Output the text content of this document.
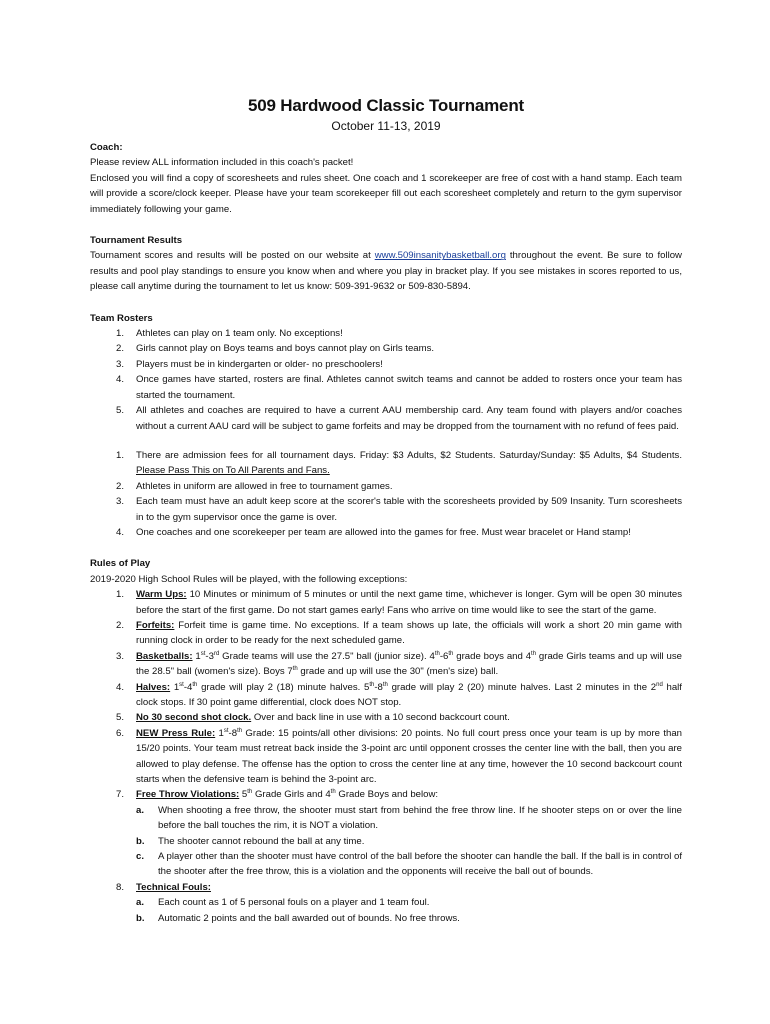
509 Hardwood Classic Tournament
October 11-13, 2019

Coach:

Please review ALL information included in this coach's packet!

Enclosed you will find a copy of scoresheets and rules sheet. One coach and 1 scorekeeper are free of cost with a hand stamp. Each team will provide a score/clock keeper. Please have your team scorekeeper fill out each scoresheet completely and return to the gym supervisor immediately following your game.

Tournament Results

Tournament scores and results will be posted on our website at www.509insanitybasketball.org throughout the event. Be sure to follow results and pool play standings to ensure you know when and where you play in bracket play. If you see mistakes in scores reported to us, please call anytime during the tournament to let us know: 509-391-9632 or 509-830-5894.

Team Rosters

1.	Athletes can play on 1 team only. No exceptions!
2.	Girls cannot play on Boys teams and boys cannot play on Girls teams.
3.	Players must be in kindergarten or older- no preschoolers!
4.	Once games have started, rosters are final. Athletes cannot switch teams and cannot be added to rosters once your team has started the tournament.
5.	All athletes and coaches are required to have a current AAU membership card. Any team found with players and/or coaches without a current AAU card will be subject to game forfeits and may be dropped from the tournament with no refund of fees paid.
1.	There are admission fees for all tournament days. Friday: $3 Adults, $2 Students. Saturday/Sunday: $5 Adults, $4 Students. Please Pass This on To All Parents and Fans.
2.	Athletes in uniform are allowed in free to tournament games.
3.	Each team must have an adult keep score at the scorer's table with the scoresheets provided by 509 Insanity. Turn scoresheets in to the gym supervisor once the game is over.
4.	One coaches and one scorekeeper per team are allowed into the games for free. Must wear bracelet or Hand stamp!

Rules of Play

2019-2020 High School Rules will be played, with the following exceptions:

1.	Warm Ups: 10 Minutes or minimum of 5 minutes or until the next game time, whichever is longer. Gym will be open 30 minutes before the start of the first game. Do not start games early! Fans who arrive on time would like to see the start of the game.
2.	Forfeits: Forfeit time is game time. No exceptions. If a team shows up late, the officials will work a short 20 min game with running clock in order to be ready for the next scheduled game.
3.	Basketballs: 1st-3rd Grade teams will use the 27.5" ball (junior size). 4th-6th grade boys and 4th grade Girls teams and up will use the 28.5" ball (women's size). Boys 7th grade and up will use the 30" (men's size) ball.
4.	Halves: 1st-4th grade will play 2 (18) minute halves. 5th-8th grade will play 2 (20) minute halves. Last 2 minutes in the 2nd half clock stops. If 30 point game differential, clock does NOT stop.
5.	No 30 second shot clock. Over and back line in use with a 10 second backcourt count.
6.	NEW Press Rule: 1st-8th Grade: 15 points/all other divisions: 20 points. No full court press once your team is up by more than 15/20 points. Your team must retreat back inside the 3-point arc until opponent crosses the center line with the ball, then you are allowed to play defense. The offense has the option to cross the center line at any time, however the 10 second backcourt count starts when the defensive team is behind the 3-point arc.
7.	Free Throw Violations: 5th Grade Girls and 4th Grade Boys and below:
a. When shooting a free throw, the shooter must start from behind the free throw line. If he shooter steps on or over the line before the ball touches the rim, it is NOT a violation.
b. The shooter cannot rebound the ball at any time.
c. A player other than the shooter must have control of the ball before the shooter can handle the ball. If the ball is in control of the shooter after the free throw, this is a violation and the opponents will receive the ball out of bounds.
8.	Technical Fouls:
a. Each count as 1 of 5 personal fouls on a player and 1 team foul.
b. Automatic 2 points and the ball awarded out of bounds. No free throws.
